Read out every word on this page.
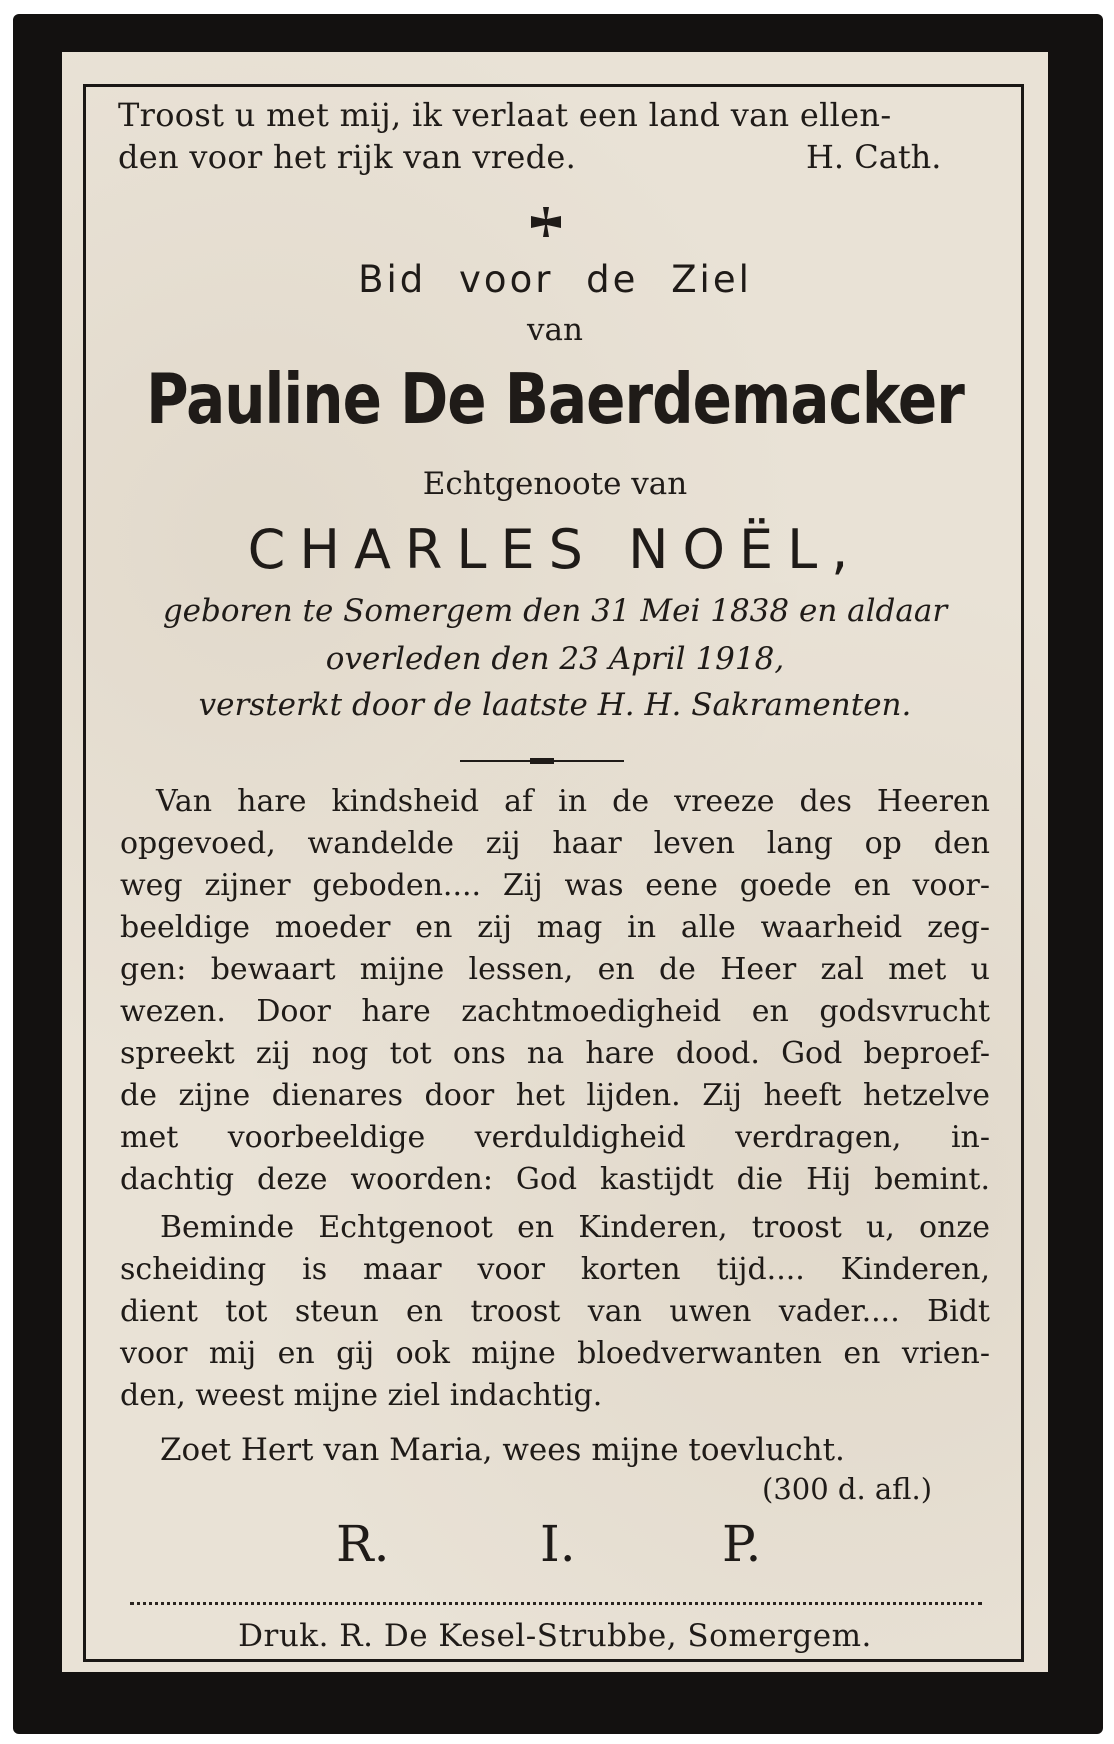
Troost u met mij, ik verlaat een land van ellen-

den voor het rijk van vrede.	H. Cath.

Bid voor de Ziel

van

Pauline De Baerdemacker

Echtgenoote van

CHARLES NOËL,

geboren te Somergem den 31 Mei 1838 en aldaar

overleden den 23 April 1918,

versterkt door de laatste H. H. Sakramenten.

Van hare kindsheid af in de vreeze des Heeren

opgevoed, wandelde zij haar leven lang op den

weg zijner geboden.... Zij was eene goede en voor-

beeldige moeder en zij mag in alle waarheid zeg-

gen: bewaart mijne lessen, en de Heer zal met u

wezen. Door hare zachtmoedigheid en godsvrucht

spreekt zij nog tot ons na hare dood. God beproef-

de zijne dienares door het lijden. Zij heeft hetzelve

met voorbeeldige verduldigheid verdragen, in-

dachtig deze woorden: God kastijdt die Hij bemint.

Beminde Echtgenoot en Kinderen, troost u, onze

scheiding is maar voor korten tijd.... Kinderen,

dient tot steun en troost van uwen vader.... Bidt

voor mij en gij ook mijne bloedverwanten en vrien-

den, weest mijne ziel indachtig.

Zoet Hert van Maria, wees mijne toevlucht.

(300 d. afl.)

R.	I.	P.

Druk. R. De Kesel-Strubbe, Somergem.
